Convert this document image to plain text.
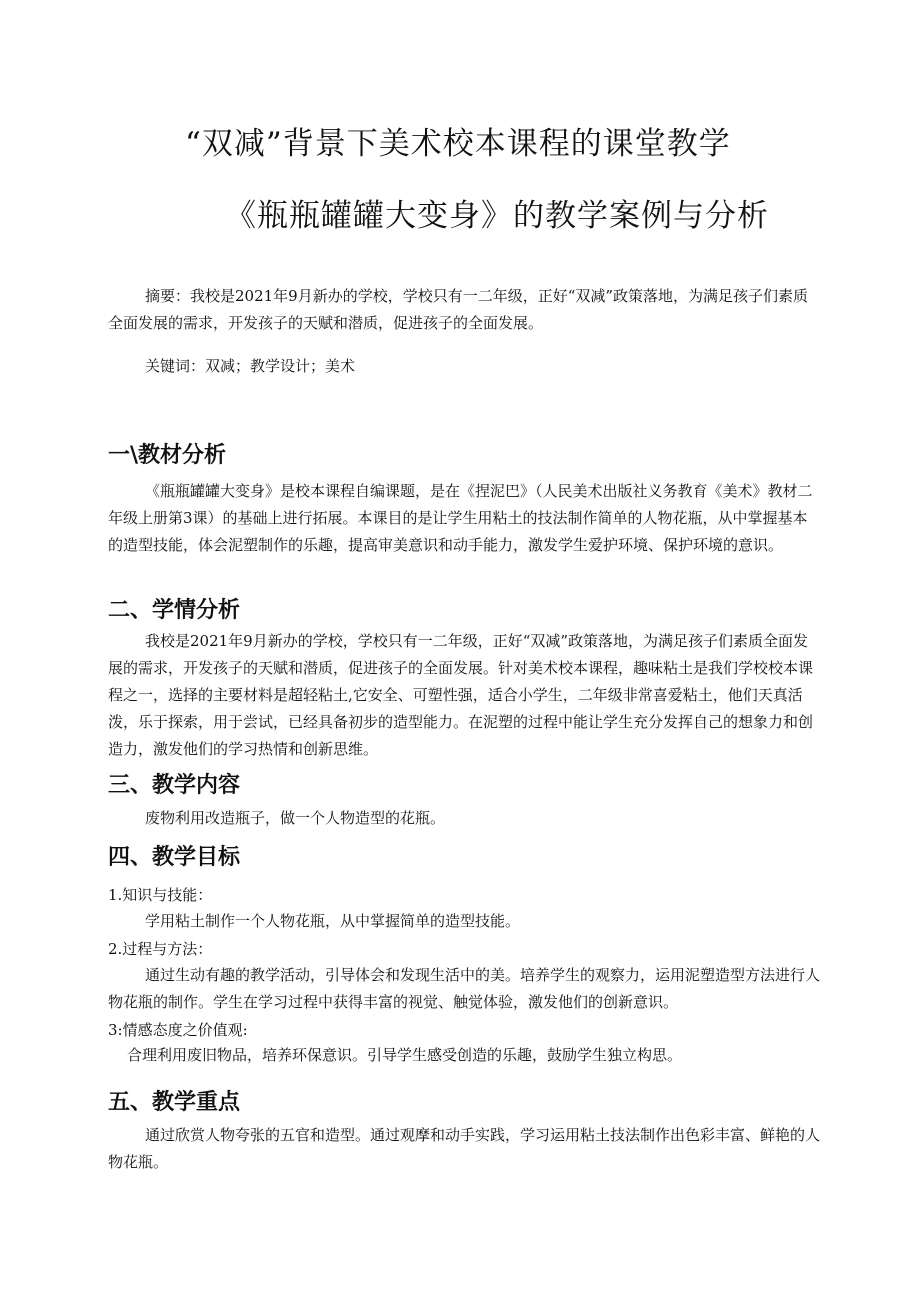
“双减”背景下美术校本课程的课堂教学
《瓶瓶罐罐大变身》的教学案例与分析
摘要：我校是2021年9月新办的学校，学校只有一二年级，正好“双减”政策落地，为满足孩子们素质全面发展的需求，开发孩子的天赋和潜质，促进孩子的全面发展。
关键词：双减；教学设计；美术
一\教材分析
《瓶瓶罐罐大变身》是校本课程自编课题，是在《捏泥巴》（人民美术出版社义务教育《美术》教材二年级上册第3课）的基础上进行拓展。本课目的是让学生用粘土的技法制作简单的人物花瓶，从中掌握基本的造型技能，体会泥塑制作的乐趣，提高审美意识和动手能力，激发学生爱护环境、保护环境的意识。
二、学情分析
我校是2021年9月新办的学校，学校只有一二年级，正好“双减”政策落地，为满足孩子们素质全面发展的需求，开发孩子的天赋和潜质，促进孩子的全面发展。针对美术校本课程，趣味粘土是我们学校校本课程之一，选择的主要材料是超轻粘土,它安全、可塑性强，适合小学生，二年级非常喜爱粘土，他们天真活泼，乐于探索，用于尝试，已经具备初步的造型能力。在泥塑的过程中能让学生充分发挥自己的想象力和创造力，激发他们的学习热情和创新思维。
三、教学内容
废物利用改造瓶子，做一个人物造型的花瓶。
四、教学目标
1.知识与技能：
学用粘土制作一个人物花瓶，从中掌握简单的造型技能。
2.过程与方法：
通过生动有趣的教学活动，引导体会和发现生活中的美。培养学生的观察力，运用泥塑造型方法进行人物花瓶的制作。学生在学习过程中获得丰富的视觉、触觉体验，激发他们的创新意识。
3:情感态度之价值观:
合理利用废旧物品，培养环保意识。引导学生感受创造的乐趣，鼓励学生独立构思。
五、教学重点
通过欣赏人物夸张的五官和造型。通过观摩和动手实践，学习运用粘土技法制作出色彩丰富、鲜艳的人物花瓶。
